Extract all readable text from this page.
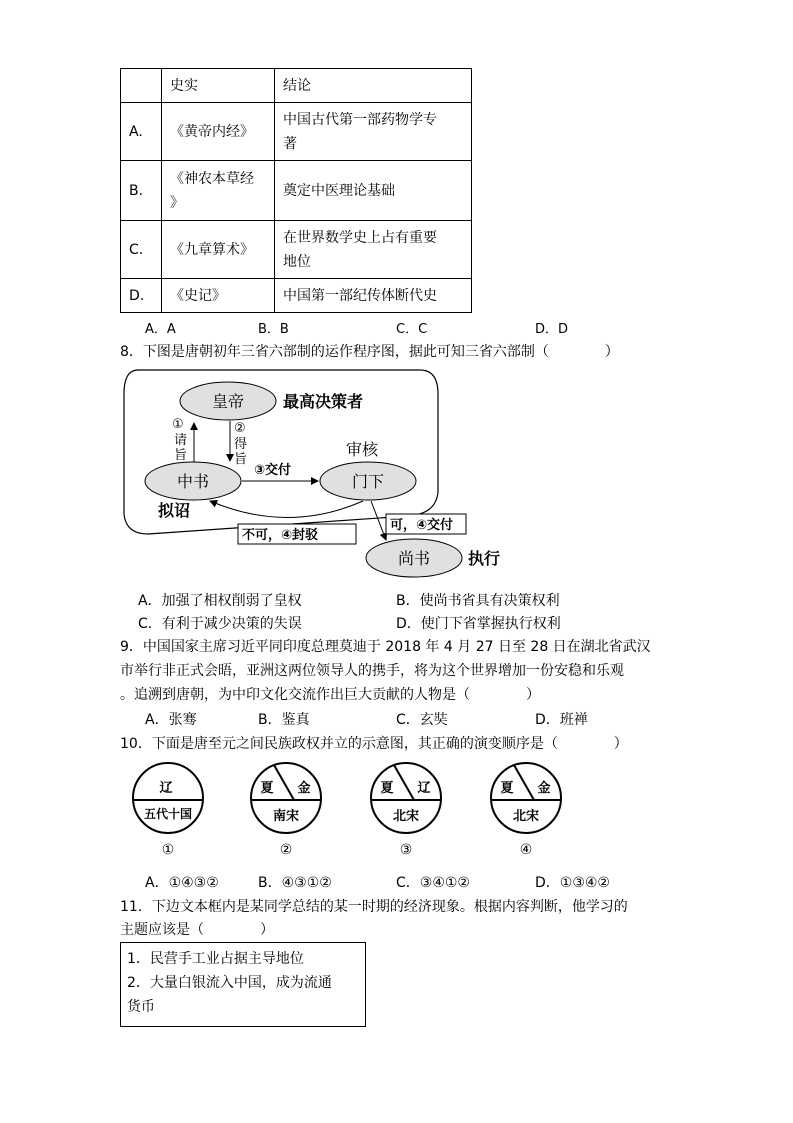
	史实	结论
A.	《黄帝内经》	中国古代第一部药物学专
著
B.	《神农本草经
》	奠定中医理论基础
C.	《九章算术》	在世界数学史上占有重要
地位
D.	《史记》	中国第一部纪传体断代史
A．A	B．B	C．C	D．D
8．下图是唐朝初年三省六部制的运作程序图，据此可知三省六部制（　　　　）
皇帝 最高决策者
中书	门下
审核
尚书 执行
拟诏
①
请
旨
②
得
旨
③交付
不可，④封驳
可，④交付
A．加强了相权削弱了皇权	B．使尚书省具有决策权利
C．有利于减少决策的失误	D．使门下省掌握执行权利
9．中国国家主席习近平同印度总理莫迪于 2018 年 4 月 27 日至 28 日在湖北省武汉
市举行非正式会晤，亚洲这两位领导人的携手，将为这个世界增加一份安稳和乐观
。追溯到唐朝，为中印文化交流作出巨大贡献的人物是（　　　　）
A．张骞	B．鉴真	C．玄奘	D．班禅
10．下面是唐至元之间民族政权并立的示意图，其正确的演变顺序是（　　　　）
辽
五代十国
①
夏 金
南宋
②
夏 辽
北宋
③
夏 金
北宋
④
A．①④③②	B．④③①②	C．③④①②	D．①③④②
11．下边文本框内是某同学总结的某一时期的经济现象。根据内容判断，他学习的
主题应该是（　　　　）
1．民营手工业占据主导地位
2．大量白银流入中国，成为流通
货币
